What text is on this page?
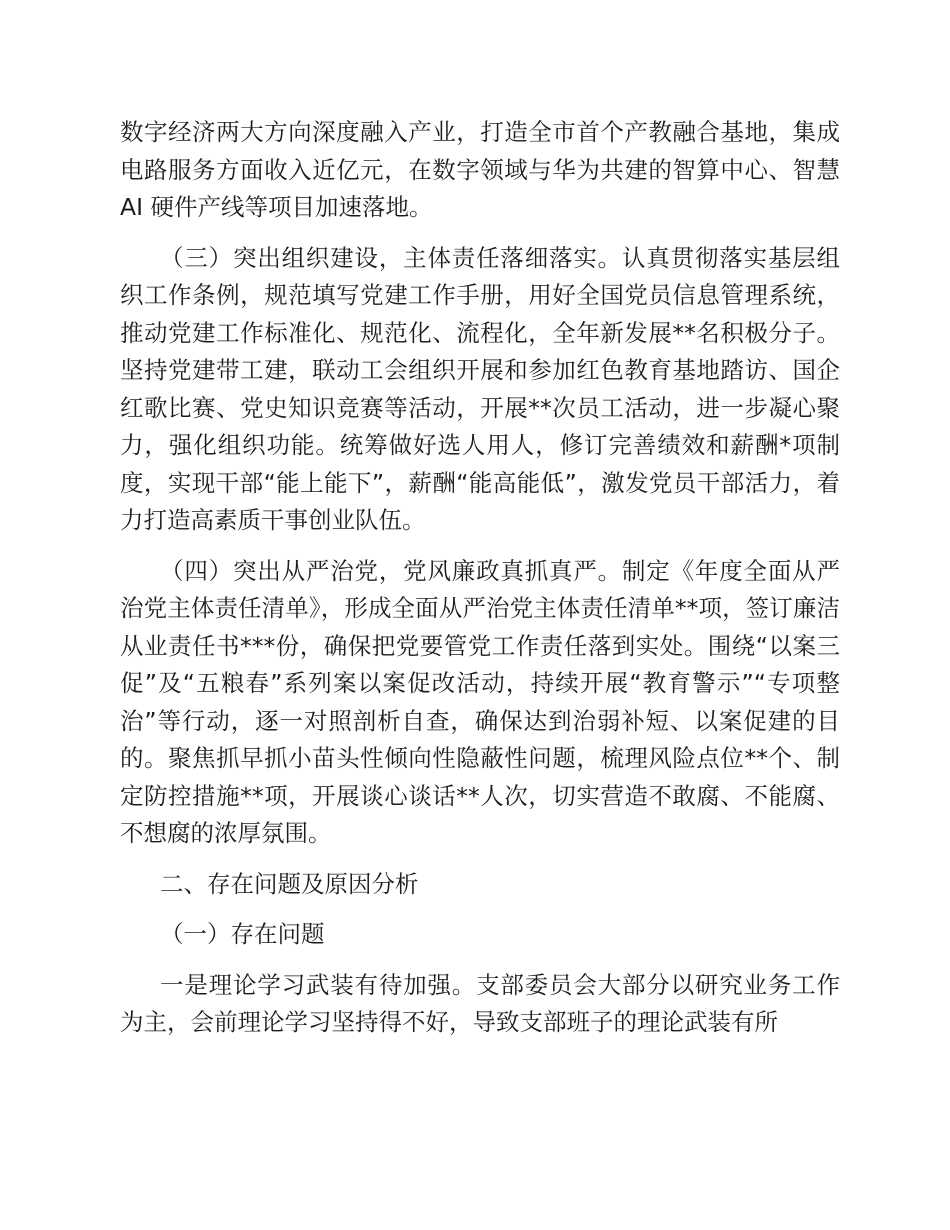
数字经济两大方向深度融入产业，打造全市首个产教融合基地，集成电路服务方面收入近亿元，在数字领域与华为共建的智算中心、智慧 AI 硬件产线等项目加速落地。

（三）突出组织建设，主体责任落细落实。认真贯彻落实基层组织工作条例，规范填写党建工作手册，用好全国党员信息管理系统，推动党建工作标准化、规范化、流程化，全年新发展**名积极分子。坚持党建带工建，联动工会组织开展和参加红色教育基地踏访、国企红歌比赛、党史知识竞赛等活动，开展**次员工活动，进一步凝心聚力，强化组织功能。统筹做好选人用人，修订完善绩效和薪酬*项制度，实现干部“能上能下”，薪酬“能高能低”，激发党员干部活力，着力打造高素质干事创业队伍。

（四）突出从严治党，党风廉政真抓真严。制定《年度全面从严治党主体责任清单》，形成全面从严治党主体责任清单**项，签订廉洁从业责任书***份，确保把党要管党工作责任落到实处。围绕“以案三促”及“五粮春”系列案以案促改活动，持续开展“教育警示”“专项整治”等行动，逐一对照剖析自查，确保达到治弱补短、以案促建的目的。聚焦抓早抓小苗头性倾向性隐蔽性问题，梳理风险点位**个、制定防控措施**项，开展谈心谈话**人次，切实营造不敢腐、不能腐、不想腐的浓厚氛围。

二、存在问题及原因分析

（一）存在问题

一是理论学习武装有待加强。支部委员会大部分以研究业务工作为主，会前理论学习坚持得不好，导致支部班子的理论武装有所
